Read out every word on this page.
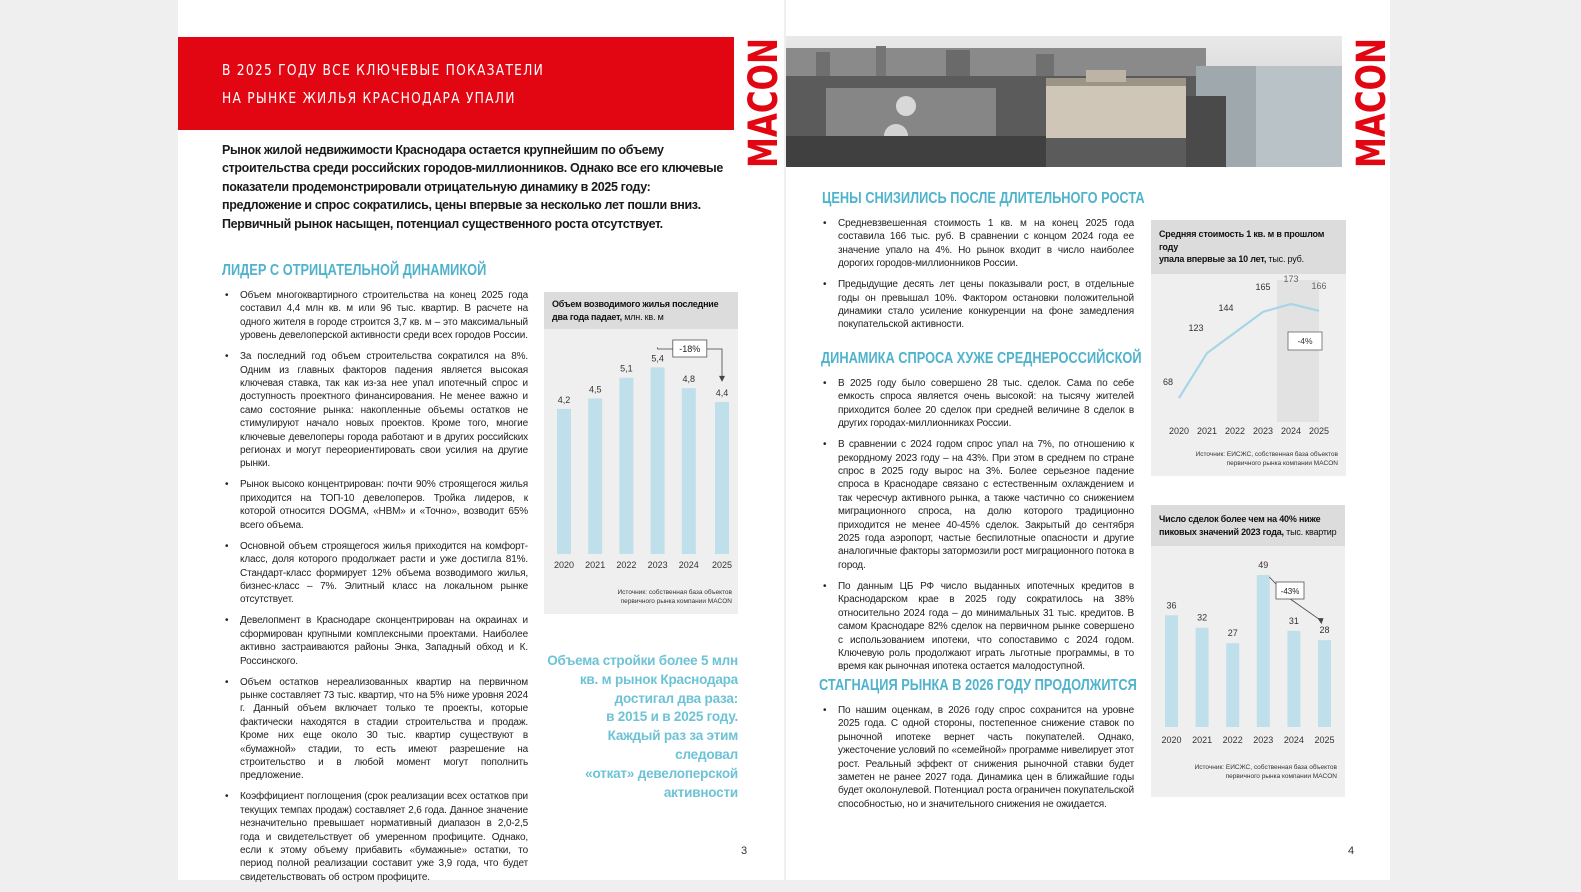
В 2025 ГОДУ ВСЕ КЛЮЧЕВЫЕ ПОКАЗАТЕЛИ
НА РЫНКЕ ЖИЛЬЯ КРАСНОДАРА УПАЛИ	MACON
Рынок жилой недвижимости Краснодара остается крупнейшим по объему строительства среди российских городов-миллионников. Однако все его ключевые показатели продемонстрировали отрицательную динамику в 2025 году: предложение и спрос сократились, цены впервые за несколько лет пошли вниз. Первичный рынок насыщен, потенциал существенного роста отсутствует.
ЛИДЕР С ОТРИЦАТЕЛЬНОЙ ДИНАМИКОЙ
• Объем многоквартирного строительства на конец 2025 года составил 4,4 млн кв. м или 96 тыс. квартир. В расчете на одного жителя в городе строится 3,7 кв. м – это максимальный уровень девелоперской активности среди всех городов России.
• За последний год объем строительства сократился на 8%. Одним из главных факторов падения является высокая ключевая ставка, так как из-за нее упал ипотечный спрос и доступность проектного финансирования. Не менее важно и само состояние рынка: накопленные объемы остатков не стимулируют начало новых проектов. Кроме того, многие ключевые девелоперы города работают и в других российских регионах и могут переориентировать свои усилия на другие рынки.
• Рынок высоко концентрирован: почти 90% строящегося жилья приходится на ТОП-10 девелоперов. Тройка лидеров, к которой относится DOGMA, «НВМ» и «Точно», возводит 65% всего объема.
• Основной объем строящегося жилья приходится на комфорт-класс, доля которого продолжает расти и уже достигла 81%. Стандарт-класс формирует 12% объема возводимого жилья, бизнес-класс – 7%. Элитный класс на локальном рынке отсутствует.
• Девелопмент в Краснодаре сконцентрирован на окраинах и сформирован крупными комплексными проектами. Наиболее активно застраиваются районы Энка, Западный обход и К. Россинского.
• Объем остатков нереализованных квартир на первичном рынке составляет 73 тыс. квартир, что на 5% ниже уровня 2024 г. Данный объем включает только те проекты, которые фактически находятся в стадии строительства и продаж. Кроме них еще около 30 тыс. квартир существуют в «бумажной» стадии, то есть имеют разрешение на строительство и в любой момент могут пополнить предложение.
• Коэффициент поглощения (срок реализации всех остатков при текущих темпах продаж) составляет 2,6 года. Данное значение незначительно превышает нормативный диапазон в 2,0-2,5 года и свидетельствует об умеренном профиците. Однако, если к этому объему прибавить «бумажные» остатки, то период полной реализации составит уже 3,9 года, что будет свидетельствовать об остром профиците.
Объем возводимого жилья последние два года падает, млн. кв. м
4,2
2020
4,5
2021
5,1
2022
5,4
2023
4,8
2024
4,4
2025
-18%
Источник: собственная база объектов
первичного рынка компании MACON
Объема стройки более 5 млн
кв. м рынок Краснодара
достигал два раза:
в 2015 и в 2025 году.
Каждый раз за этим следовал
«откат» девелоперской
активности
3
MACON
ЦЕНЫ СНИЗИЛИСЬ ПОСЛЕ ДЛИТЕЛЬНОГО РОСТА
• Средневзвешенная стоимость 1 кв. м на конец 2025 года составила 166 тыс. руб. В сравнении с концом 2024 года ее значение упало на 4%. Но рынок входит в число наиболее дорогих городов-миллионников России.
• Предыдущие десять лет цены показывали рост, в отдельные годы он превышал 10%. Фактором остановки положительной динамики стало усиление конкуренции на фоне замедления покупательской активности.
ДИНАМИКА СПРОСА ХУЖЕ СРЕДНЕРОССИЙСКОЙ
• В 2025 году было совершено 28 тыс. сделок. Сама по себе емкость спроса является очень высокой: на тысячу жителей приходится более 20 сделок при средней величине 8 сделок в других городах-миллионниках России.
• В сравнении с 2024 годом спрос упал на 7%, по отношению к рекордному 2023 году – на 43%. При этом в среднем по стране спрос в 2025 году вырос на 3%. Более серьезное падение спроса в Краснодаре связано с естественным охлаждением и так чересчур активного рынка, а также частично со снижением миграционного спроса, на долю которого традиционно приходится не менее 40-45% сделок. Закрытый до сентября 2025 года аэропорт, частые беспилотные опасности и другие аналогичные факторы затормозили рост миграционного потока в город.
• По данным ЦБ РФ число выданных ипотечных кредитов в Краснодарском крае в 2025 году сократилось на 38% относительно 2024 года – до минимальных 31 тыс. кредитов. В самом Краснодаре 82% сделок на первичном рынке совершено с использованием ипотеки, что сопоставимо с 2024 годом. Ключевую роль продолжают играть льготные программы, в то время как рыночная ипотека остается малодоступной.
СТАГНАЦИЯ РЫНКА В 2026 ГОДУ ПРОДОЛЖИТСЯ
• По нашим оценкам, в 2026 году спрос сохранится на уровне 2025 года. С одной стороны, постепенное снижение ставок по рыночной ипотеке вернет часть покупателей. Однако, ужесточение условий по «семейной» программе нивелирует этот рост. Реальный эффект от снижения рыночной ставки будет заметен не ранее 2027 года. Динамика цен в ближайшие годы будет околонулевой. Потенциал роста ограничен покупательской способностью, но и значительного снижения не ожидается.
Средняя стоимость 1 кв. м в прошлом году
упала впервые за 10 лет, тыс. руб.
68
2020
123
2021
144
2022
165
2023
173
2024
166
2025
-4%
Источник: ЕИСЖС, собственная база объектов
первичного рынка компании MACON
Число сделок более чем на 40% ниже
пиковых значений 2023 года, тыс. квартир
36
2020
32
2021
27
2022
49
2023
31
2024
28
2025
-43%
Источник: ЕИСЖС, собственная база объектов
первичного рынка компании MACON
4
